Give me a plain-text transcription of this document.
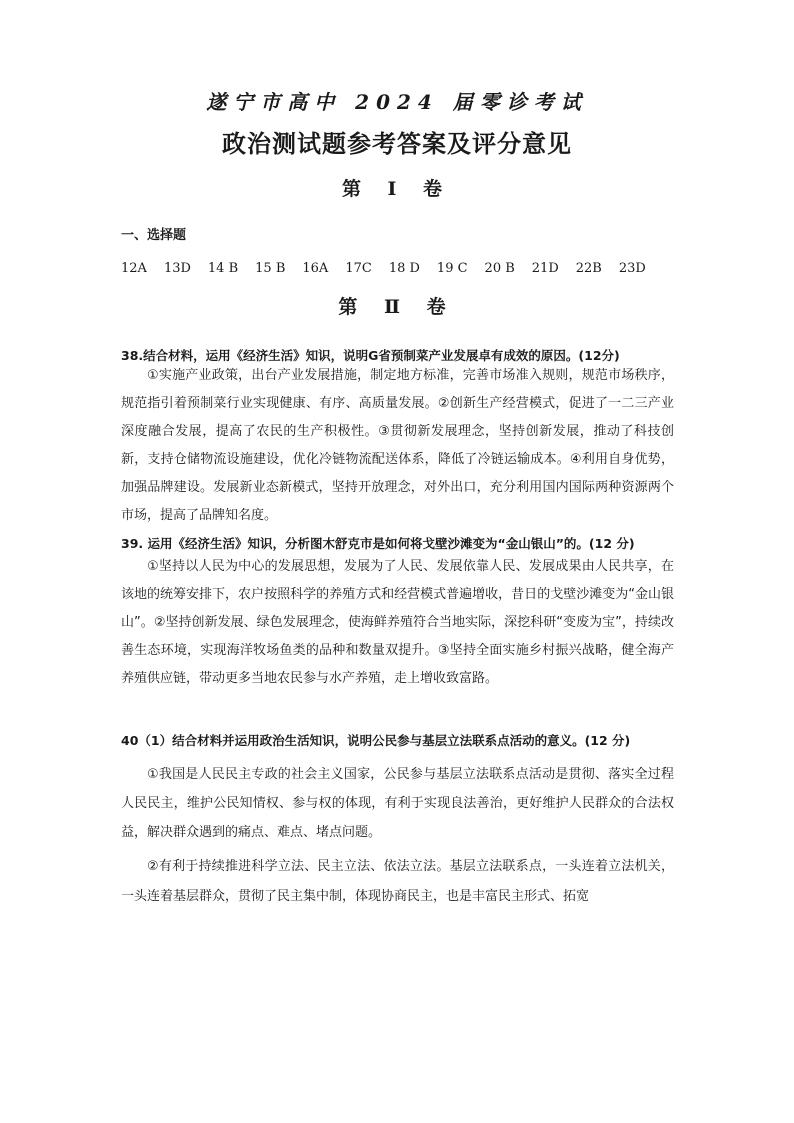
遂宁市高中 2024 届零诊考试
政治测试题参考答案及评分意见
第 Ⅰ 卷
一、选择题
12A 13D 14 B 15 B 16A 17C 18 D 19 C 20 B 21D 22B 23D
第 Ⅱ 卷
38.结合材料，运用《经济生活》知识，说明G省预制菜产业发展卓有成效的原因。(12分)

①实施产业政策，出台产业发展措施，制定地方标准，完善市场准入规则，规范市场秩序，规范指引着预制菜行业实现健康、有序、高质量发展。②创新生产经营模式，促进了一二三产业深度融合发展，提高了农民的生产积极性。③贯彻新发展理念，坚持创新发展，推动了科技创新，支持仓储物流设施建设，优化冷链物流配送体系，降低了冷链运输成本。④利用自身优势，加强品牌建设。发展新业态新模式，坚持开放理念，对外出口，充分利用国内国际两种资源两个市场，提高了品牌知名度。

39. 运用《经济生活》知识，分析图木舒克市是如何将戈壁沙滩变为“金山银山”的。(12 分)

①坚持以人民为中心的发展思想，发展为了人民、发展依靠人民、发展成果由人民共享，在该地的统筹安排下，农户按照科学的养殖方式和经营模式普遍增收，昔日的戈壁沙滩变为“金山银山”。②坚持创新发展、绿色发展理念，使海鲜养殖符合当地实际，深挖科研“变废为宝”，持续改善生态环境，实现海洋牧场鱼类的品种和数量双提升。③坚持全面实施乡村振兴战略，健全海产养殖供应链，带动更多当地农民参与水产养殖，走上增收致富路。

40（1）结合材料并运用政治生活知识，说明公民参与基层立法联系点活动的意义。(12 分)

①我国是人民民主专政的社会主义国家，公民参与基层立法联系点活动是贯彻、落实全过程人民民主，维护公民知情权、参与权的体现，有利于实现良法善治，更好维护人民群众的合法权益，解决群众遇到的痛点、难点、堵点问题。

②有利于持续推进科学立法、民主立法、依法立法。基层立法联系点，一头连着立法机关，一头连着基层群众，贯彻了民主集中制，体现协商民主，也是丰富民主形式、拓宽
